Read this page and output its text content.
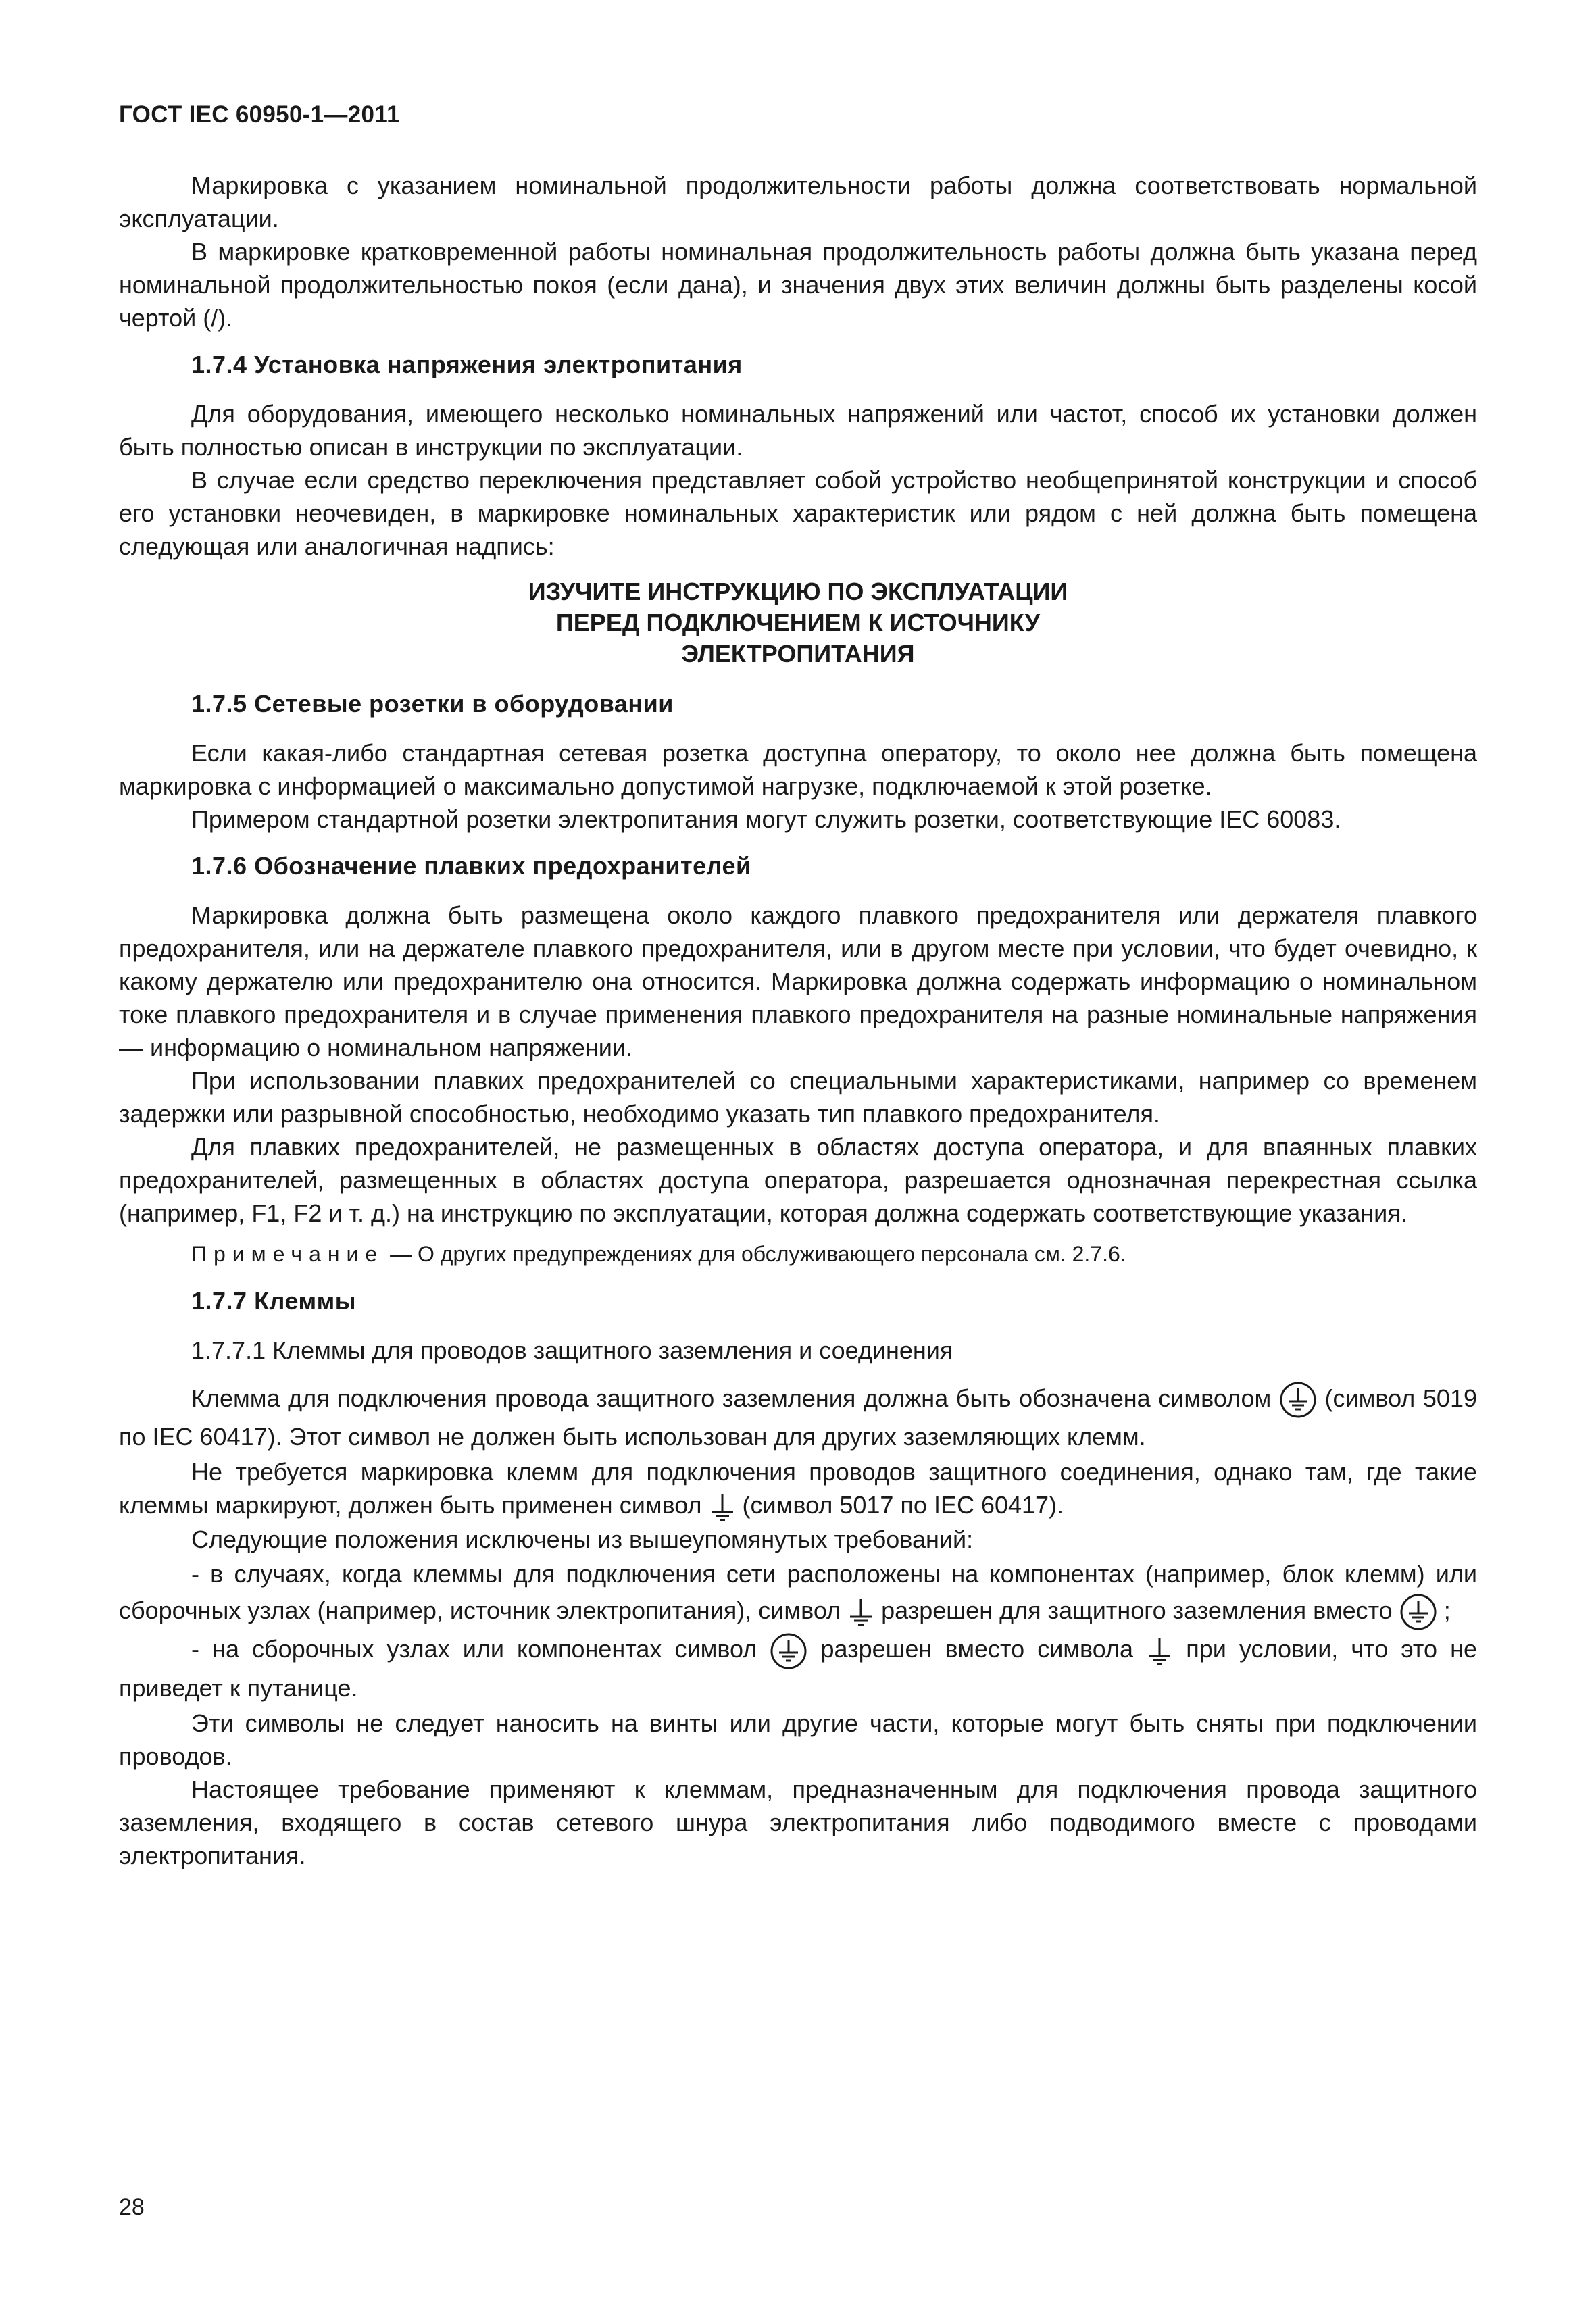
ГОСТ IEC 60950-1—2011

Маркировка с указанием номинальной продолжительности работы должна соответствовать нормальной эксплуатации.

В маркировке кратковременной работы номинальная продолжительность работы должна быть указана перед номинальной продолжительностью покоя (если дана), и значения двух этих величин должны быть разделены косой чертой (/).

1.7.4 Установка напряжения электропитания

Для оборудования, имеющего несколько номинальных напряжений или частот, способ их установки должен быть полностью описан в инструкции по эксплуатации.

В случае если средство переключения представляет собой устройство необщепринятой конструкции и способ его установки неочевиден, в маркировке номинальных характеристик или рядом с ней должна быть помещена следующая или аналогичная надпись:

ИЗУЧИТЕ ИНСТРУКЦИЮ ПО ЭКСПЛУАТАЦИИ
ПЕРЕД ПОДКЛЮЧЕНИЕМ К ИСТОЧНИКУ
ЭЛЕКТРОПИТАНИЯ
1.7.5 Сетевые розетки в оборудовании

Если какая-либо стандартная сетевая розетка доступна оператору, то около нее должна быть помещена маркировка с информацией о максимально допустимой нагрузке, подключаемой к этой розетке.

Примером стандартной розетки электропитания могут служить розетки, соответствующие IEC 60083.

1.7.6 Обозначение плавких предохранителей

Маркировка должна быть размещена около каждого плавкого предохранителя или держателя плавкого предохранителя, или на держателе плавкого предохранителя, или в другом месте при условии, что будет очевидно, к какому держателю или предохранителю она относится. Маркировка должна содержать информацию о номинальном токе плавкого предохранителя и в случае применения плавкого предохранителя на разные номинальные напряжения — информацию о номинальном напряжении.

При использовании плавких предохранителей со специальными характеристиками, например со временем задержки или разрывной способностью, необходимо указать тип плавкого предохранителя.

Для плавких предохранителей, не размещенных в областях доступа оператора, и для впаянных плавких предохранителей, размещенных в областях доступа оператора, разрешается однозначная перекрестная ссылка (например, F1, F2 и т. д.) на инструкцию по эксплуатации, которая должна содержать соответствующие указания.

Примечание — О других предупреждениях для обслуживающего персонала см. 2.7.6.

1.7.7 Клеммы
1.7.7.1 Клеммы для проводов защитного заземления и соединения

Клемма для подключения провода защитного заземления должна быть обозначена символом (символ 5019 по IEC 60417). Этот символ не должен быть использован для других заземляющих клемм.

Не требуется маркировка клемм для подключения проводов защитного соединения, однако там, где такие клеммы маркируют, должен быть применен символ (символ 5017 по IEC 60417).

Следующие положения исключены из вышеупомянутых требований:

- в случаях, когда клеммы для подключения сети расположены на компонентах (например, блок клемм) или сборочных узлах (например, источник электропитания), символ разрешен для защитного заземления вместо ;

- на сборочных узлах или компонентах символ	разрешен вместо символа при условии, что это не приведет к путанице.

Эти символы не следует наносить на винты или другие части, которые могут быть сняты при подключении проводов.

Настоящее требование применяют к клеммам, предназначенным для подключения провода защитного заземления, входящего в состав сетевого шнура электропитания либо подводимого вместе с проводами электропитания.

28
